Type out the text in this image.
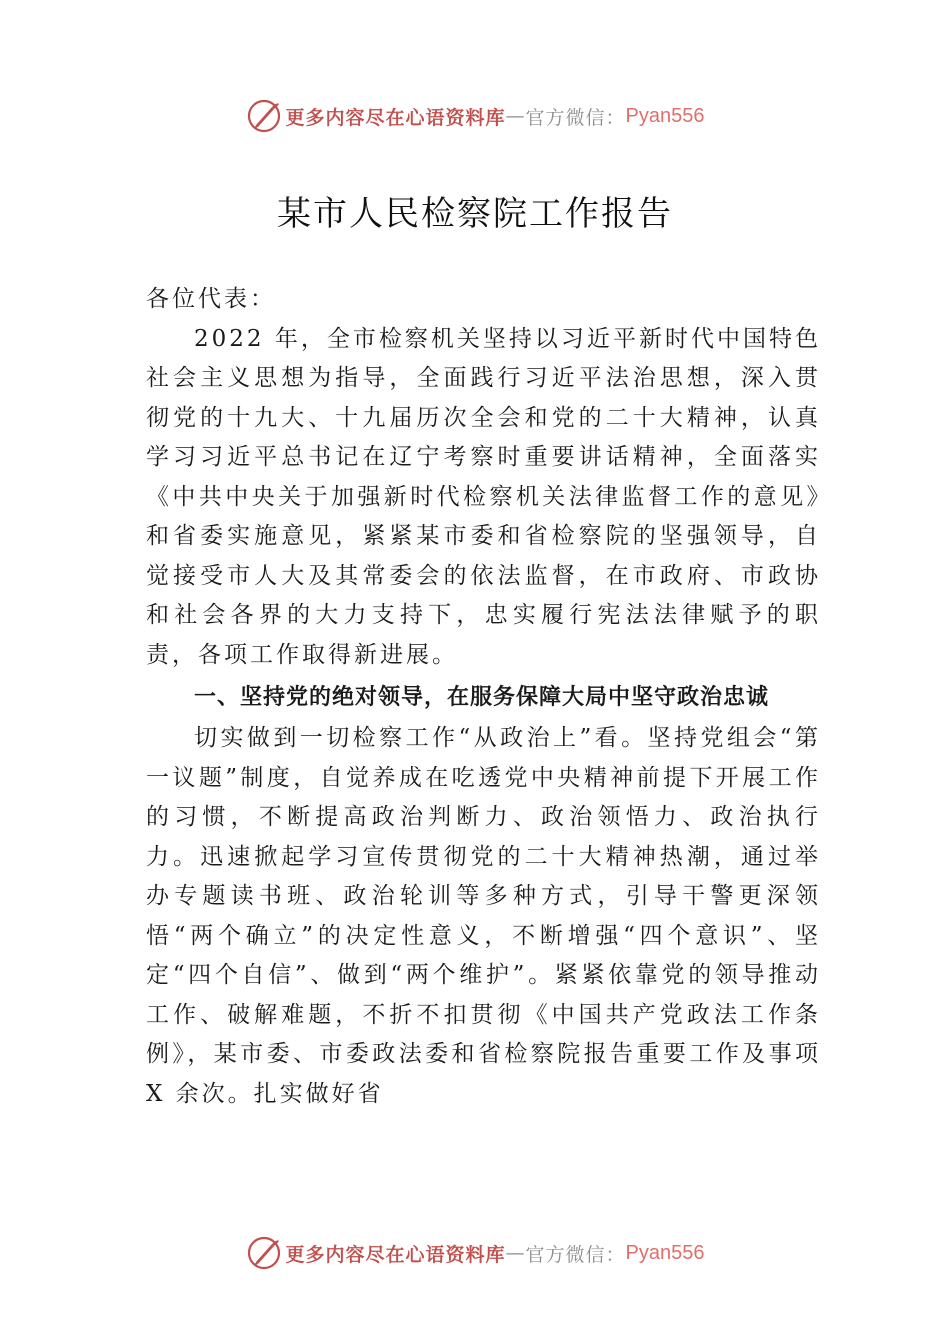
更多内容尽在心语资料库 — 官方微信： Pyan556
某市人民检察院工作报告

各位代表：

2022 年，全市检察机关坚持以习近平新时代中国特色社会主义思想为指导，全面践行习近平法治思想，深入贯彻党的十九大、十九届历次全会和党的二十大精神，认真学习习近平总书记在辽宁考察时重要讲话精神，全面落实《中共中央关于加强新时代检察机关法律监督工作的意见》和省委实施意见，紧紧某市委和省检察院的坚强领导，自觉接受市人大及其常委会的依法监督，在市政府、市政协和社会各界的大力支持下，忠实履行宪法法律赋予的职责，各项工作取得新进展。

一、坚持党的绝对领导，在服务保障大局中坚守政治忠诚

切实做到一切检察工作“从政治上”看。坚持党组会“第一议题”制度，自觉养成在吃透党中央精神前提下开展工作的习惯，不断提高政治判断力、政治领悟力、政治执行力。迅速掀起学习宣传贯彻党的二十大精神热潮，通过举办专题读书班、政治轮训等多种方式，引导干警更深领悟“两个确立”的决定性意义，不断增强“四个意识”、坚定“四个自信”、做到“两个维护”。紧紧依靠党的领导推动工作、破解难题，不折不扣贯彻《中国共产党政法工作条例》，某市委、市委政法委和省检察院报告重要工作及事项 X 余次。扎实做好省

更多内容尽在心语资料库 — 官方微信： Pyan556
